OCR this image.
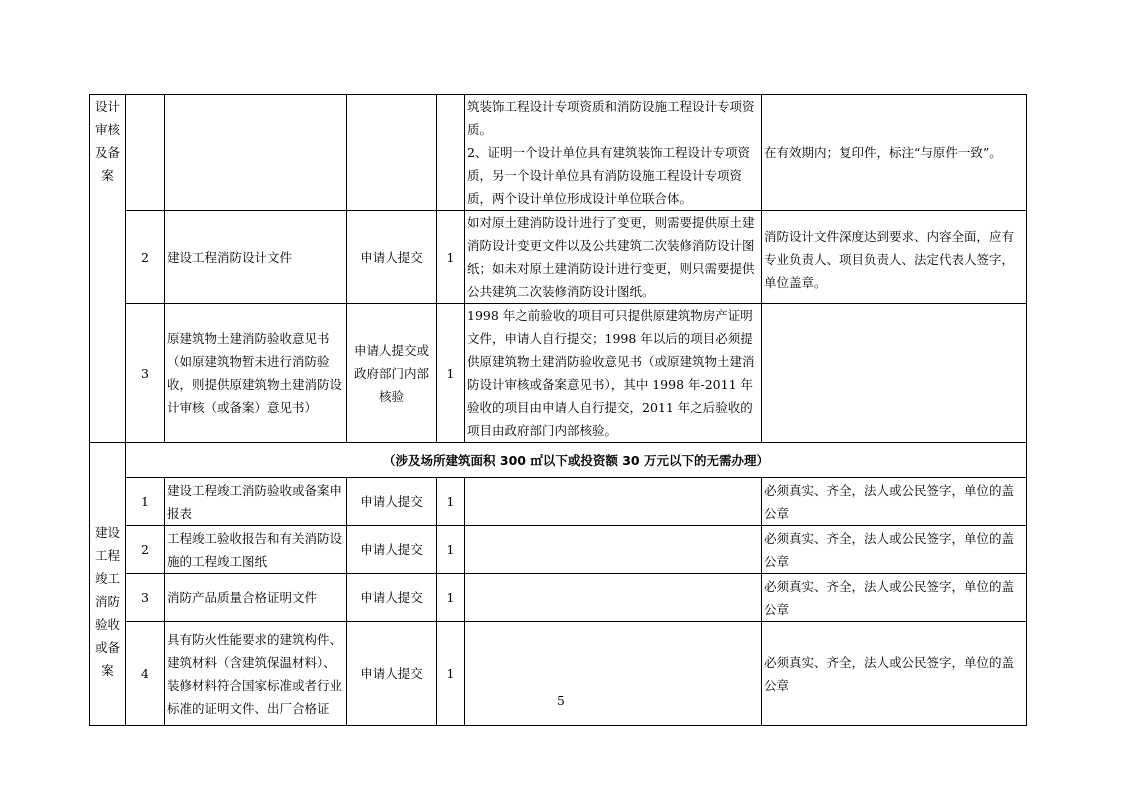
设计审核及备案					筑装饰工程设计专项资质和消防设施工程设计专项资质。
2、证明一个设计单位具有建筑装饰工程设计专项资质，另一个设计单位具有消防设施工程设计专项资质，两个设计单位形成设计单位联合体。	在有效期内；复印件，标注“与原件一致”。
	2	建设工程消防设计文件	申请人提交	1	如对原土建消防设计进行了变更，则需要提供原土建消防设计变更文件以及公共建筑二次装修消防设计图纸；如未对原土建消防设计进行变更，则只需要提供公共建筑二次装修消防设计图纸。	消防设计文件深度达到要求、内容全面，应有专业负责人、项目负责人、法定代表人签字，单位盖章。
	3	原建筑物土建消防验收意见书（如原建筑物暂未进行消防验收，则提供原建筑物土建消防设计审核（或备案）意见书）	申请人提交或政府部门内部核验	1	1998 年之前验收的项目可只提供原建筑物房产证明文件，申请人自行提交；1998 年以后的项目必须提供原建筑物土建消防验收意见书（或原建筑物土建消防设计审核或备案意见书），其中 1998 年-2011 年验收的项目由申请人自行提交，2011 年之后验收的项目由政府部门内部核验。	

建设工程竣工消防验收或备案	（涉及场所建筑面积 300 ㎡以下或投资额 30 万元以下的无需办理）					
	1	建设工程竣工消防验收或备案申报表	申请人提交	1		必须真实、齐全，法人或公民签字，单位的盖公章
	2	工程竣工验收报告和有关消防设施的工程竣工图纸	申请人提交	1		必须真实、齐全，法人或公民签字，单位的盖公章
	3	消防产品质量合格证明文件	申请人提交	1		必须真实、齐全，法人或公民签字，单位的盖公章
	4	具有防火性能要求的建筑构件、建筑材料（含建筑保温材料）、装修材料符合国家标准或者行业标准的证明文件、出厂合格证	申请人提交	1		必须真实、齐全，法人或公民签字，单位的盖公章
5
